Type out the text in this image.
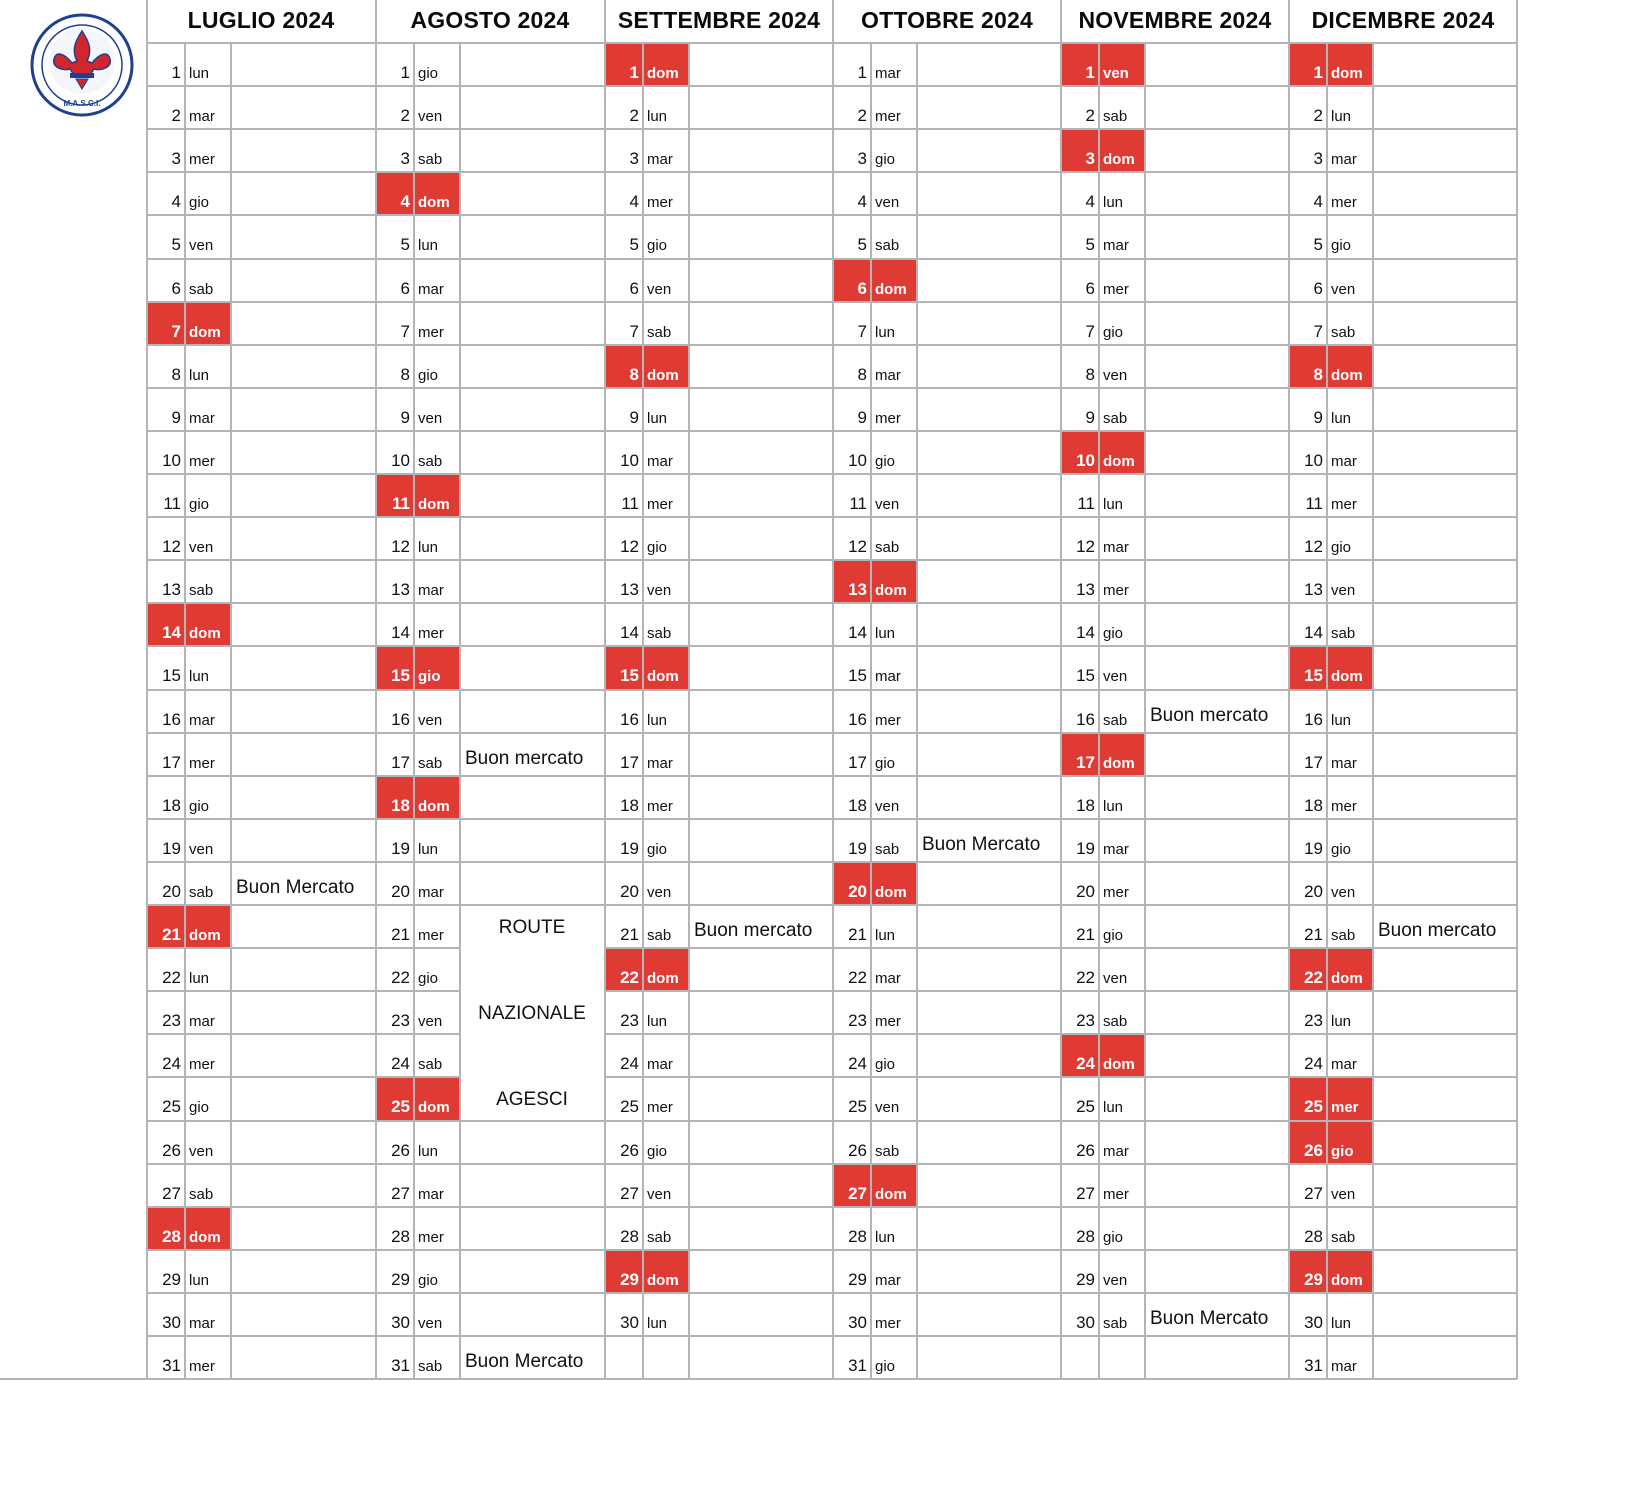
M.A.S.C.I.
LUGLIO 2024
1 lun
2 mar
3 mer
4 gio
5 ven
6 sab
7 dom
8 lun
9 mar
10 mer
11 gio
12 ven
13 sab
14 dom
15 lun
16 mar
17 mer
18 gio
19 ven
20 sab Buon Mercato
21 dom
22 lun
23 mar
24 mer
25 gio
26 ven
27 sab
28 dom
29 lun
30 mar
31 mer
AGOSTO 2024
1 gio
2 ven
3 sab
4 dom
5 lun
6 mar
7 mer
8 gio
9 ven
10 sab
11 dom
12 lun
13 mar
14 mer
15 gio
16 ven
17 sab Buon mercato
18 dom
19 lun
20 mar
21 mer
22 gio
23 ven
24 sab
25 dom
26 lun
27 mar
28 mer
29 gio
30 ven
31 sab Buon Mercato
ROUTE
NAZIONALE
AGESCI
SETTEMBRE 2024
1 dom
2 lun
3 mar
4 mer
5 gio
6 ven
7 sab
8 dom
9 lun
10 mar
11 mer
12 gio
13 ven
14 sab
15 dom
16 lun
17 mar
18 mer
19 gio
20 ven
21 sab Buon mercato
22 dom
23 lun
24 mar
25 mer
26 gio
27 ven
28 sab
29 dom
30 lun
OTTOBRE 2024
1 mar
2 mer
3 gio
4 ven
5 sab
6 dom
7 lun
8 mar
9 mer
10 gio
11 ven
12 sab
13 dom
14 lun
15 mar
16 mer
17 gio
18 ven
19 sab Buon Mercato
20 dom
21 lun
22 mar
23 mer
24 gio
25 ven
26 sab
27 dom
28 lun
29 mar
30 mer
31 gio
NOVEMBRE 2024
1 ven
2 sab
3 dom
4 lun
5 mar
6 mer
7 gio
8 ven
9 sab
10 dom
11 lun
12 mar
13 mer
14 gio
15 ven
16 sab Buon mercato
17 dom
18 lun
19 mar
20 mer
21 gio
22 ven
23 sab
24 dom
25 lun
26 mar
27 mer
28 gio
29 ven
30 sab Buon Mercato
DICEMBRE 2024
1 dom
2 lun
3 mar
4 mer
5 gio
6 ven
7 sab
8 dom
9 lun
10 mar
11 mer
12 gio
13 ven
14 sab
15 dom
16 lun
17 mar
18 mer
19 gio
20 ven
21 sab Buon mercato
22 dom
23 lun
24 mar
25 mer
26 gio
27 ven
28 sab
29 dom
30 lun
31 mar
